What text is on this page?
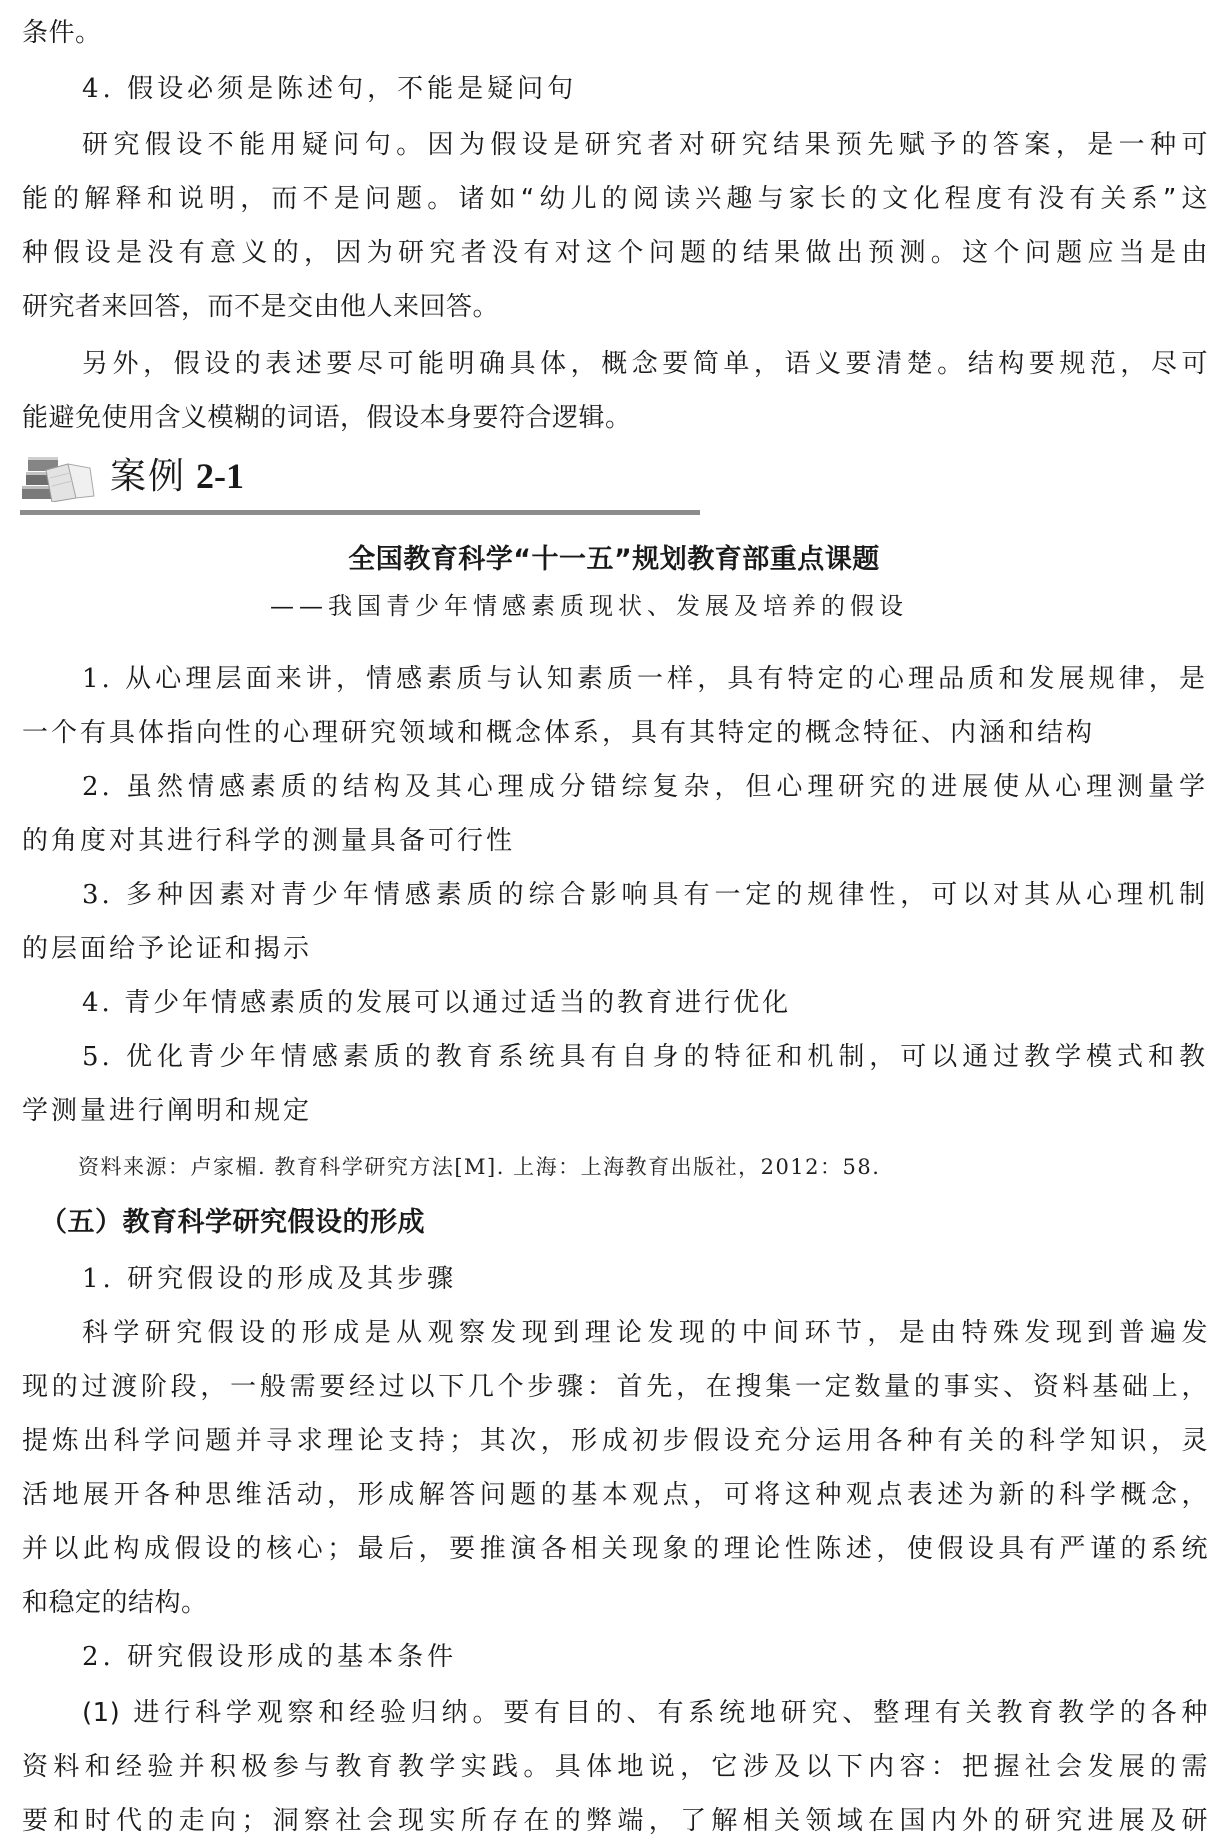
条件。
4. 假设必须是陈述句，不能是疑问句
研究假设不能用疑问句。因为假设是研究者对研究结果预先赋予的答案，是一种可
能的解释和说明，而不是问题。诸如“幼儿的阅读兴趣与家长的文化程度有没有关系”这
种假设是没有意义的，因为研究者没有对这个问题的结果做出预测。这个问题应当是由
研究者来回答，而不是交由他人来回答。
另外，假设的表述要尽可能明确具体，概念要简单，语义要清楚。结构要规范，尽可
能避免使用含义模糊的词语，假设本身要符合逻辑。
案例 2-1
全国教育科学“十一五”规划教育部重点课题
——我国青少年情感素质现状、发展及培养的假设
1. 从心理层面来讲，情感素质与认知素质一样，具有特定的心理品质和发展规律，是
一个有具体指向性的心理研究领域和概念体系，具有其特定的概念特征、内涵和结构
2. 虽然情感素质的结构及其心理成分错综复杂，但心理研究的进展使从心理测量学
的角度对其进行科学的测量具备可行性
3. 多种因素对青少年情感素质的综合影响具有一定的规律性，可以对其从心理机制
的层面给予论证和揭示
4. 青少年情感素质的发展可以通过适当的教育进行优化
5. 优化青少年情感素质的教育系统具有自身的特征和机制，可以通过教学模式和教
学测量进行阐明和规定
资料来源：卢家楣. 教育科学研究方法[M]. 上海：上海教育出版社，2012：58.
（五）教育科学研究假设的形成
1. 研究假设的形成及其步骤
科学研究假设的形成是从观察发现到理论发现的中间环节，是由特殊发现到普遍发
现的过渡阶段，一般需要经过以下几个步骤：首先，在搜集一定数量的事实、资料基础上，
提炼出科学问题并寻求理论支持；其次，形成初步假设充分运用各种有关的科学知识，灵
活地展开各种思维活动，形成解答问题的基本观点，可将这种观点表述为新的科学概念，
并以此构成假设的核心；最后，要推演各相关现象的理论性陈述，使假设具有严谨的系统
和稳定的结构。
2. 研究假设形成的基本条件
(1) 进行科学观察和经验归纳。要有目的、有系统地研究、整理有关教育教学的各种
资料和经验并积极参与教育教学实践。具体地说，它涉及以下内容：把握社会发展的需
要和时代的走向；洞察社会现实所存在的弊端，了解相关领域在国内外的研究进展及研
